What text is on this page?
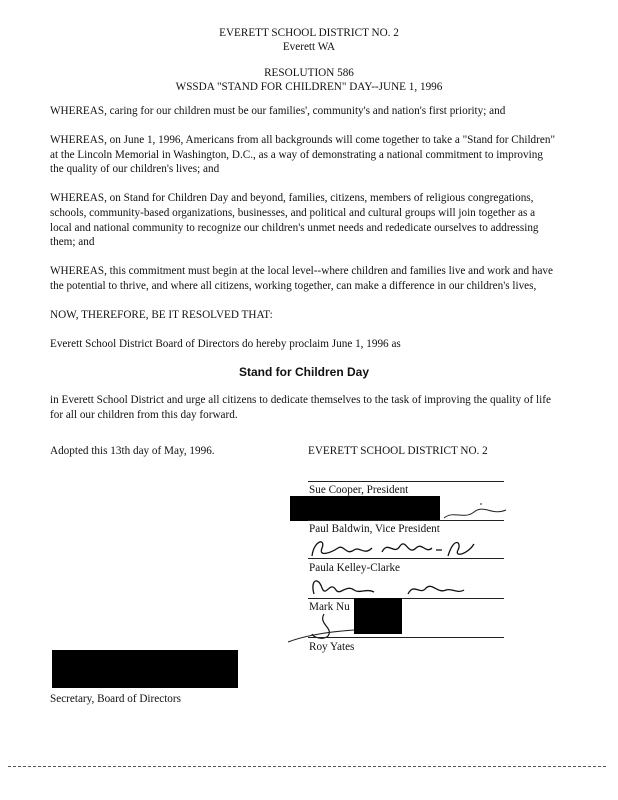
EVERETT SCHOOL DISTRICT NO. 2
Everett WA
RESOLUTION 586
WSSDA "STAND FOR CHILDREN" DAY--JUNE 1, 1996

WHEREAS, caring for our children must be our families', community's and nation's first priority; and

WHEREAS, on June 1, 1996, Americans from all backgrounds will come together to take a "Stand for Children" at the Lincoln Memorial in Washington, D.C., as a way of demonstrating a national commitment to improving the quality of our children's lives; and

WHEREAS, on Stand for Children Day and beyond, families, citizens, members of religious congregations, schools, community-based organizations, businesses, and political and cultural groups will join together as a local and national community to recognize our children's unmet needs and rededicate ourselves to addressing them; and

WHEREAS, this commitment must begin at the local level--where children and families live and work and have the potential to thrive, and where all citizens, working together, can make a difference in our children's lives,

NOW, THEREFORE, BE IT RESOLVED THAT:

Everett School District Board of Directors do hereby proclaim June 1, 1996 as

Stand for Children Day

in Everett School District and urge all citizens to dedicate themselves to the task of improving the quality of life for all our children from this day forward.

Adopted this 13th day of May, 1996.	EVERETT SCHOOL DISTRICT NO. 2
Sue Cooper, President
Paul Baldwin, Vice President
Paula Kelley-Clarke
Mark Nu
Roy Yates
Secretary, Board of Directors
